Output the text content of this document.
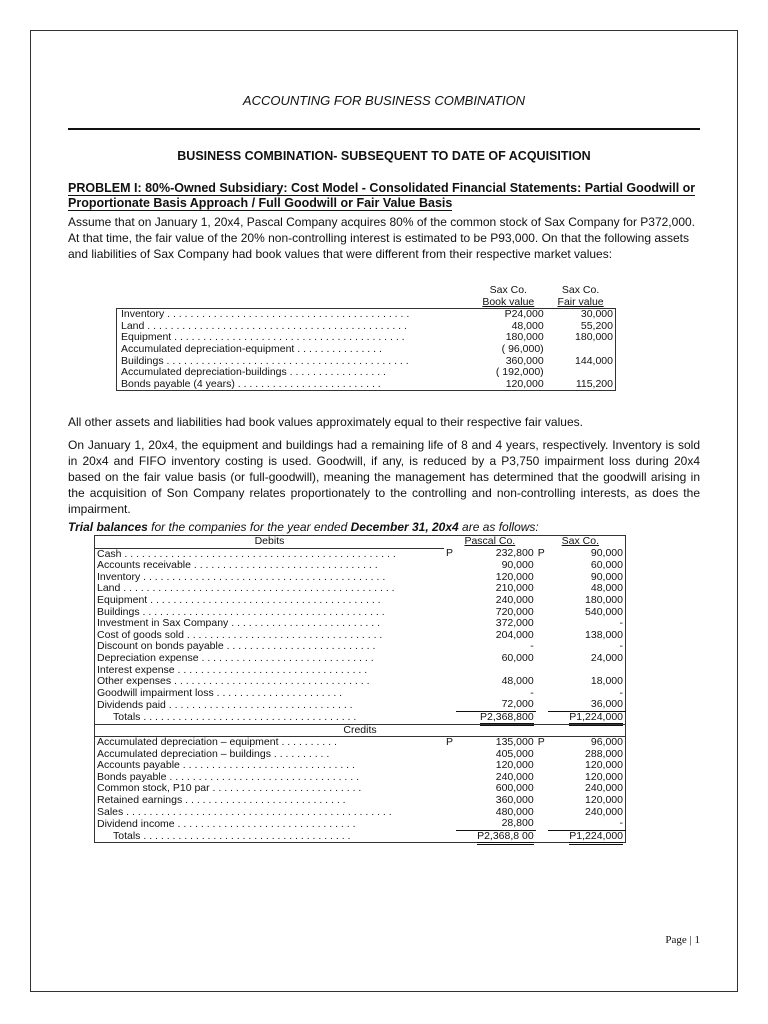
ACCOUNTING FOR BUSINESS COMBINATION
BUSINESS COMBINATION- SUBSEQUENT TO DATE OF ACQUISITION
PROBLEM I: 80%-Owned Subsidiary: Cost Model - Consolidated Financial Statements: Partial Goodwill or Proportionate Basis Approach / Full Goodwill or Fair Value Basis
Assume that on January 1, 20x4, Pascal Company acquires 80% of the common stock of Sax Company for P372,000. At that time, the fair value of the 20% non-controlling interest is estimated to be P93,000. On that the following assets and liabilities of Sax Company had book values that were different from their respective market values:
	Sax Co.	Sax Co.
	Book value	Fair value
Inventory . . . . . . . . . . . . . . . . . . . . . . . . . . . . . . . . . . . . . . . . . .	P24,000	30,000
Land . . . . . . . . . . . . . . . . . . . . . . . . . . . . . . . . . . . . . . . . . . . . .	48,000	55,200
Equipment . . . . . . . . . . . . . . . . . . . . . . . . . . . . . . . . . . . . . . . .	180,000	180,000
Accumulated depreciation-equipment . . . . . . . . . . . . . . .	( 96,000)	
Buildings . . . . . . . . . . . . . . . . . . . . . . . . . . . . . . . . . . . . . . . . . .	360,000	144,000
Accumulated depreciation-buildings . . . . . . . . . . . . . . . . .	( 192,000)	
Bonds payable (4 years) . . . . . . . . . . . . . . . . . . . . . . . . .	120,000	115,200
All other assets and liabilities had book values approximately equal to their respective fair values.
On January 1, 20x4, the equipment and buildings had a remaining life of 8 and 4 years, respectively. Inventory is sold in 20x4 and FIFO inventory costing is used. Goodwill, if any, is reduced by a P3,750 impairment loss during 20x4 based on the fair value basis (or full-goodwill), meaning the management has determined that the goodwill arising in the acquisition of Son Company relates proportionately to the controlling and non-controlling interests, as does the impairment.
Trial balances for the companies for the year ended December 31, 20x4 are as follows:
Debits	Pascal Co.		Sax Co.	
Cash . . . . . . . . . . . . . . . . . . . . . . . . . . . . . . . . . . . . . . . . . . . . . . .	P	232,800	P	90,000
Accounts receivable . . . . . . . . . . . . . . . . . . . . . . . . . . . . . . . .		90,000		60,000
Inventory . . . . . . . . . . . . . . . . . . . . . . . . . . . . . . . . . . . . . . . . . .		120,000		90,000
Land . . . . . . . . . . . . . . . . . . . . . . . . . . . . . . . . . . . . . . . . . . . . . . .		210,000		48,000
Equipment . . . . . . . . . . . . . . . . . . . . . . . . . . . . . . . . . . . . . . . .		240,000		180,000
Buildings . . . . . . . . . . . . . . . . . . . . . . . . . . . . . . . . . . . . . . . . . .		720,000		540,000
Investment in Sax Company . . . . . . . . . . . . . . . . . . . . . . . . . .		372,000		-
Cost of goods sold . . . . . . . . . . . . . . . . . . . . . . . . . . . . . . . . . .		204,000		138,000
Discount on bonds payable . . . . . . . . . . . . . . . . . . . . . . . . . .		-		-
Depreciation expense . . . . . . . . . . . . . . . . . . . . . . . . . . . . . .		60,000		24,000
Interest expense . . . . . . . . . . . . . . . . . . . . . . . . . . . . . . . . .				
Other expenses . . . . . . . . . . . . . . . . . . . . . . . . . . . . . . . . . .		48,000		18,000
Goodwill impairment loss . . . . . . . . . . . . . . . . . . . . . .		-		-
Dividends paid . . . . . . . . . . . . . . . . . . . . . . . . . . . . . . . .		72,000		36,000
Totals . . . . . . . . . . . . . . . . . . . . . . . . . . . . . . . . . . . . .		P2,368,800		P1,224,000
Credits				
Accumulated depreciation – equipment . . . . . . . . . .	P	135,000	P	96,000
Accumulated depreciation – buildings . . . . . . . . . .		405,000		288,000
Accounts payable . . . . . . . . . . . . . . . . . . . . . . . . . . . . . .		120,000		120,000
Bonds payable . . . . . . . . . . . . . . . . . . . . . . . . . . . . . . . . .		240,000		120,000
Common stock, P10 par . . . . . . . . . . . . . . . . . . . . . . . . . .		600,000		240,000
Retained earnings . . . . . . . . . . . . . . . . . . . . . . . . . . . .		360,000		120,000
Sales . . . . . . . . . . . . . . . . . . . . . . . . . . . . . . . . . . . . . . . . . . . . . .		480,000		240,000
Dividend income . . . . . . . . . . . . . . . . . . . . . . . . . . . . . . .		28,800		-
Totals . . . . . . . . . . . . . . . . . . . . . . . . . . . . . . . . . . . .		P2,368,8 00		P1,224,000
Page | 1
